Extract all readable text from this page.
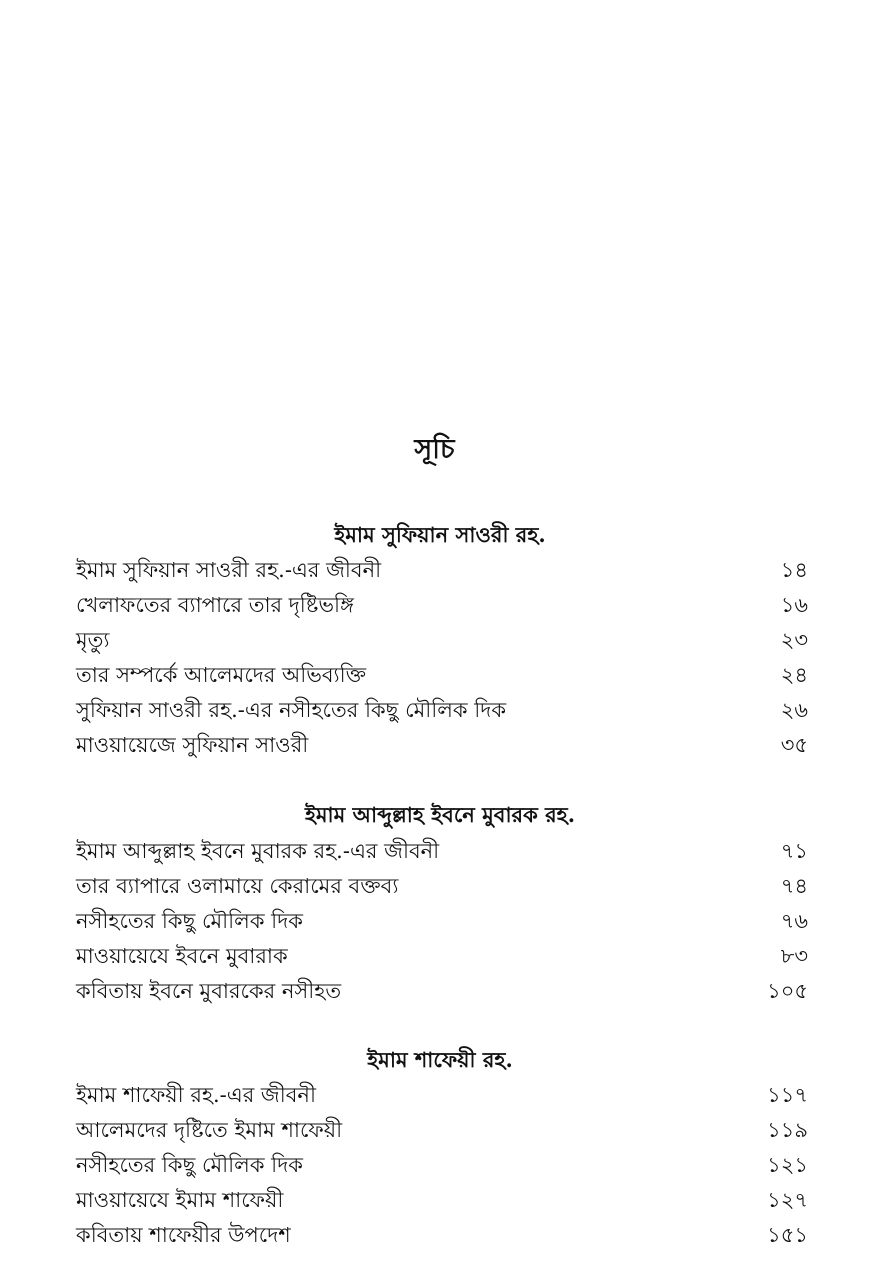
সূচি
ইমাম সুফিয়ান সাওরী রহ.
ইমাম সুফিয়ান সাওরী রহ.-এর জীবনী	১৪
খেলাফতের ব্যাপারে তার দৃষ্টিভঙ্গি	১৬
মৃত্যু	২৩
তার সম্পর্কে আলেমদের অভিব্যক্তি	২৪
সুফিয়ান সাওরী রহ.-এর নসীহতের কিছু মৌলিক দিক	২৬
মাওয়ায়েজে সুফিয়ান সাওরী	৩৫
ইমাম আব্দুল্লাহ ইবনে মুবারক রহ.
ইমাম আব্দুল্লাহ ইবনে মুবারক রহ.-এর জীবনী	৭১
তার ব্যাপারে ওলামায়ে কেরামের বক্তব্য	৭৪
নসীহতের কিছু মৌলিক দিক	৭৬
মাওয়ায়েযে ইবনে মুবারাক	৮৩
কবিতায় ইবনে মুবারকের নসীহত	১০৫
ইমাম শাফেয়ী রহ.
ইমাম শাফেয়ী রহ.-এর জীবনী	১১৭
আলেমদের দৃষ্টিতে ইমাম শাফেয়ী	১১৯
নসীহতের কিছু মৌলিক দিক	১২১
মাওয়ায়েযে ইমাম শাফেয়ী	১২৭
কবিতায় শাফেয়ীর উপদেশ	১৫১
